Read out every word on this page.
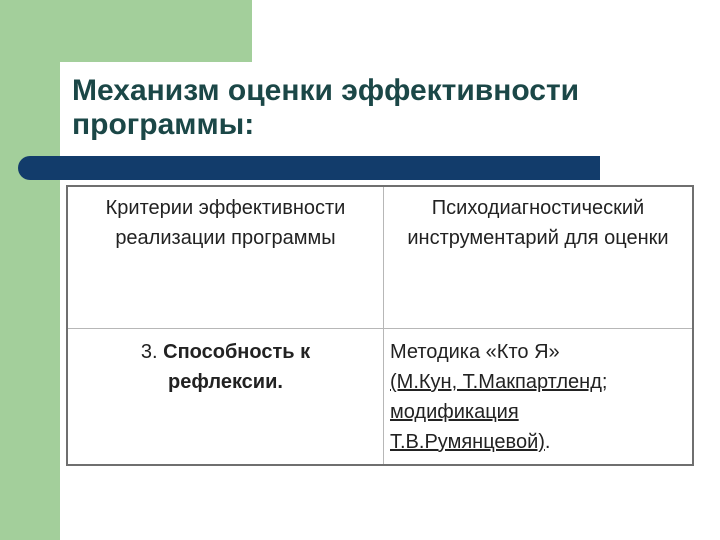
Механизм оценки эффективности программы:
Критерии эффективности реализации программы	Психодиагностический инструментарий для оценки
3. Способность к рефлексии.	Методика «Кто Я»
(М.Кун, Т.Макпартленд; модификация Т.В.Румянцевой).
